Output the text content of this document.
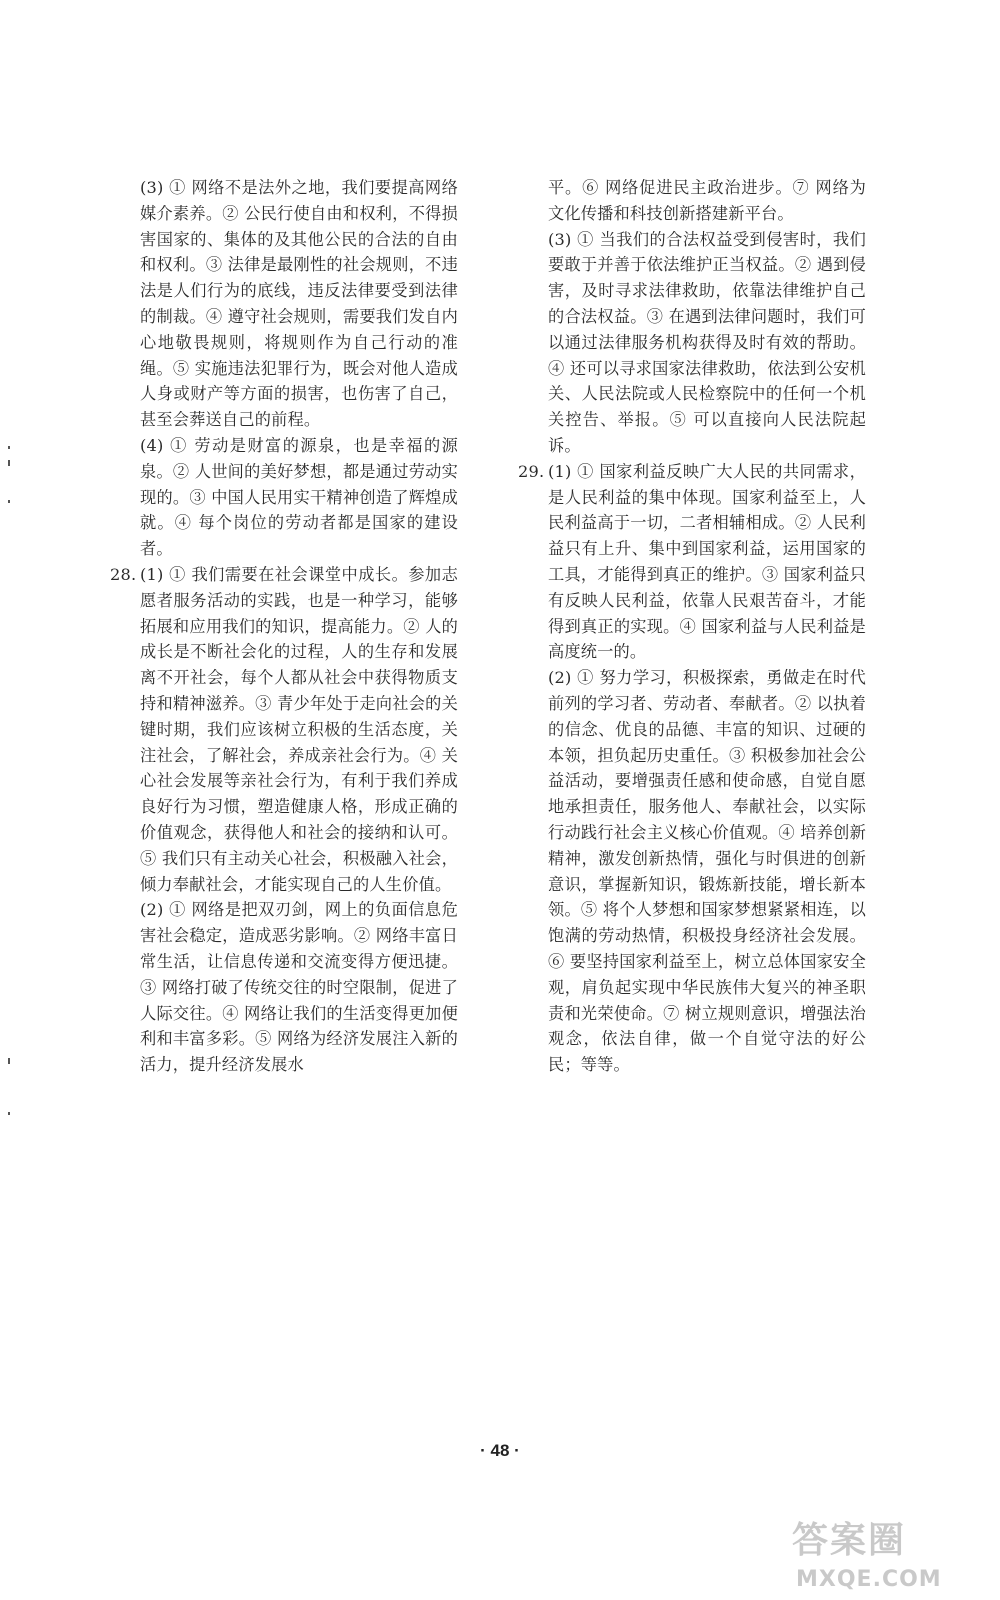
(3) ① 网络不是法外之地，我们要提高网络媒介素养。② 公民行使自由和权利，不得损害国家的、集体的及其他公民的合法的自由和权利。③ 法律是最刚性的社会规则，不违法是人们行为的底线，违反法律要受到法律的制裁。④ 遵守社会规则，需要我们发自内心地敬畏规则，将规则作为自己行动的准绳。⑤ 实施违法犯罪行为，既会对他人造成人身或财产等方面的损害，也伤害了自己，甚至会葬送自己的前程。

(4) ① 劳动是财富的源泉，也是幸福的源泉。② 人世间的美好梦想，都是通过劳动实现的。③ 中国人民用实干精神创造了辉煌成就。④ 每个岗位的劳动者都是国家的建设者。

28. (1) ① 我们需要在社会课堂中成长。参加志愿者服务活动的实践，也是一种学习，能够拓展和应用我们的知识，提高能力。② 人的成长是不断社会化的过程，人的生存和发展离不开社会，每个人都从社会中获得物质支持和精神滋养。③ 青少年处于走向社会的关键时期，我们应该树立积极的生活态度，关注社会，了解社会，养成亲社会行为。④ 关心社会发展等亲社会行为，有利于我们养成良好行为习惯，塑造健康人格，形成正确的价值观念，获得他人和社会的接纳和认可。⑤ 我们只有主动关心社会，积极融入社会，倾力奉献社会，才能实现自己的人生价值。

(2) ① 网络是把双刃剑，网上的负面信息危害社会稳定，造成恶劣影响。② 网络丰富日常生活，让信息传递和交流变得方便迅捷。③ 网络打破了传统交往的时空限制，促进了人际交往。④ 网络让我们的生活变得更加便利和丰富多彩。⑤ 网络为经济发展注入新的活力，提升经济发展水

平。⑥ 网络促进民主政治进步。⑦ 网络为文化传播和科技创新搭建新平台。

(3) ① 当我们的合法权益受到侵害时，我们要敢于并善于依法维护正当权益。② 遇到侵害，及时寻求法律救助，依靠法律维护自己的合法权益。③ 在遇到法律问题时，我们可以通过法律服务机构获得及时有效的帮助。④ 还可以寻求国家法律救助，依法到公安机关、人民法院或人民检察院中的任何一个机关控告、举报。⑤ 可以直接向人民法院起诉。

29. (1) ① 国家利益反映广大人民的共同需求，是人民利益的集中体现。国家利益至上，人民利益高于一切，二者相辅相成。② 人民利益只有上升、集中到国家利益，运用国家的工具，才能得到真正的维护。③ 国家利益只有反映人民利益，依靠人民艰苦奋斗，才能得到真正的实现。④ 国家利益与人民利益是高度统一的。

(2) ① 努力学习，积极探索，勇做走在时代前列的学习者、劳动者、奉献者。② 以执着的信念、优良的品德、丰富的知识、过硬的本领，担负起历史重任。③ 积极参加社会公益活动，要增强责任感和使命感，自觉自愿地承担责任，服务他人、奉献社会，以实际行动践行社会主义核心价值观。④ 培养创新精神，激发创新热情，强化与时俱进的创新意识，掌握新知识，锻炼新技能，增长新本领。⑤ 将个人梦想和国家梦想紧紧相连，以饱满的劳动热情，积极投身经济社会发展。⑥ 要坚持国家利益至上，树立总体国家安全观，肩负起实现中华民族伟大复兴的神圣职责和光荣使命。⑦ 树立规则意识，增强法治观念，依法自律，做一个自觉守法的好公民；等等。

· 48 ·
答案圈
MXQE.COM
